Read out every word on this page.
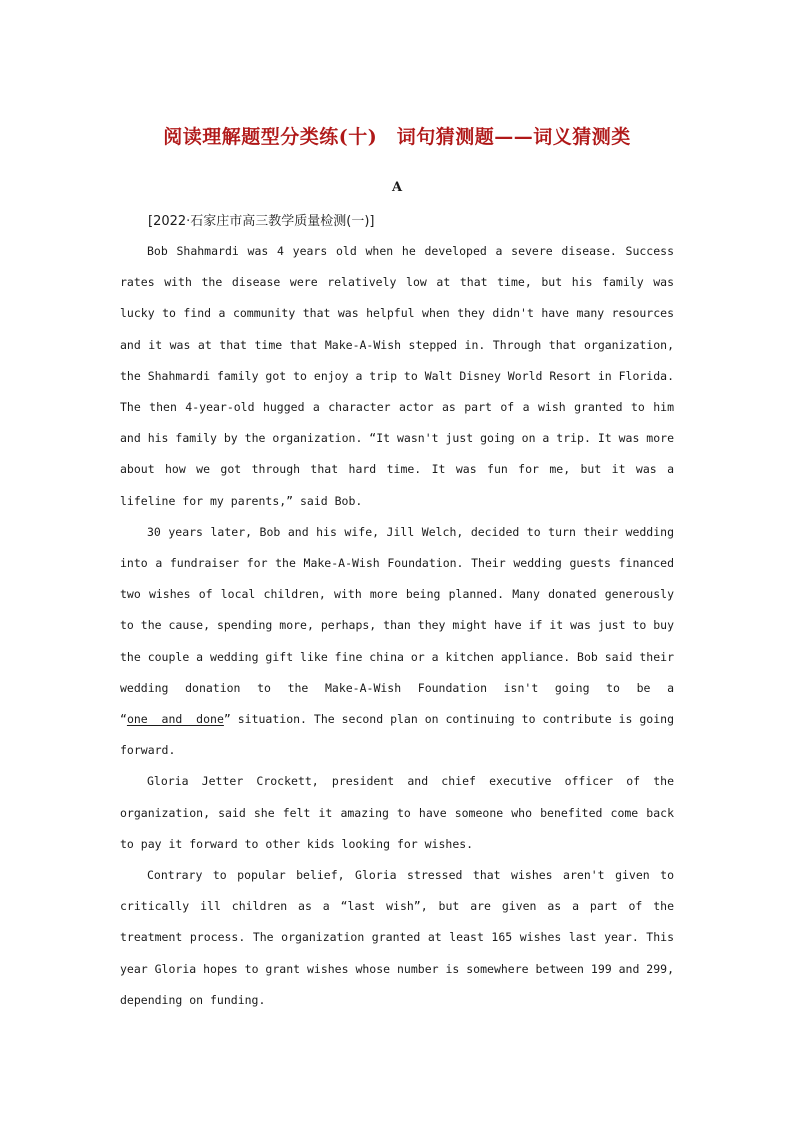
阅读理解题型分类练(十)　词句猜测题——词义猜测类
A
[2022·石家庄市高三教学质量检测(一)]

Bob Shahmardi was 4 years old when he developed a severe disease. Success rates with the disease were relatively low at that time, but his family was lucky to find a community that was helpful when they didn't have many resources and it was at that time that Make-A-Wish stepped in. Through that organization, the Shahmardi family got to enjoy a trip to Walt Disney World Resort in Florida. The then 4-year-old hugged a character actor as part of a wish granted to him and his family by the organization. “It wasn't just going on a trip. It was more about how we got through that hard time. It was fun for me, but it was a lifeline for my parents,” said Bob.

30 years later, Bob and his wife, Jill Welch, decided to turn their wedding into a fundraiser for the Make-A-Wish Foundation. Their wedding guests financed two wishes of local children, with more being planned. Many donated generously to the cause, spending more, perhaps, than they might have if it was just to buy the couple a wedding gift like fine china or a kitchen appliance. Bob said their wedding donation to the Make-A-Wish Foundation isn't going to be a “one__and__done” situation. The second plan on continuing to contribute is going forward.

Gloria Jetter Crockett, president and chief executive officer of the organization, said she felt it amazing to have someone who benefited come back to pay it forward to other kids looking for wishes.

Contrary to popular belief, Gloria stressed that wishes aren't given to critically ill children as a “last wish”, but are given as a part of the treatment process. The organization granted at least 165 wishes last year. This year Gloria hopes to grant wishes whose number is somewhere between 199 and 299, depending on funding.
